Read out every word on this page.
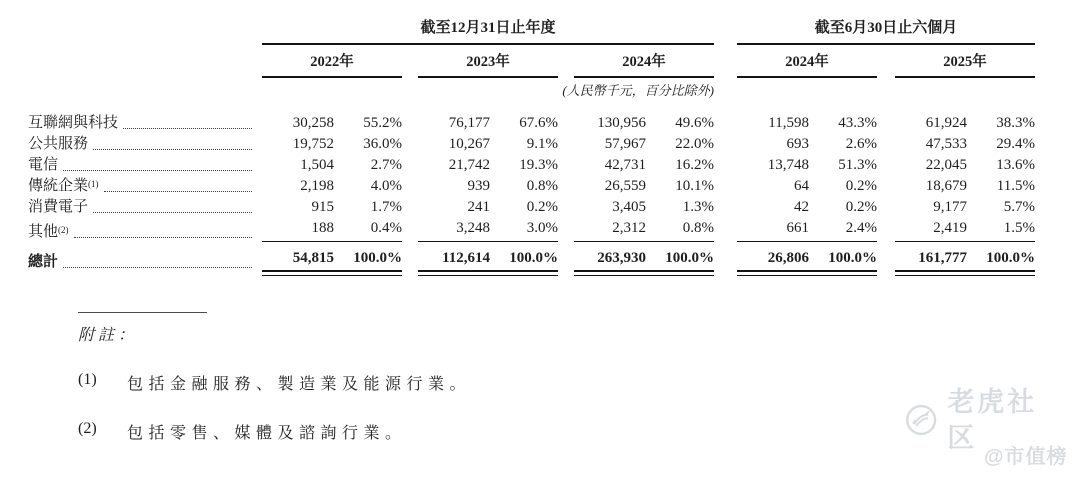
截至12月31日止年度	截至6月30日止六個月
2022年	2023年	2024年	2024年	2025年
(人民幣千元，百分比除外)
互聯網與科技	30,258	55.2%	76,177	67.6%	130,956	49.6%	11,598	43.3%	61,924	38.3%
公共服務	19,752	36.0%	10,267	9.1%	57,967	22.0%	693	2.6%	47,533	29.4%
電信	1,504	2.7%	21,742	19.3%	42,731	16.2%	13,748	51.3%	22,045	13.6%
傳統企業 (1)	2,198	4.0%	939	0.8%	26,559	10.1%	64	0.2%	18,679	11.5%
消費電子	915	1.7%	241	0.2%	3,405	1.3%	42	0.2%	9,177	5.7%
其他 (2)	188	0.4%	3,248	3.0%	2,312	0.8%	661	2.4%	2,419	1.5%
總計	54,815	100.0%	112,614	100.0%	263,930	100.0%	26,806	100.0%	161,777	100.0%
附註：
(1)	包括金融服務、製造業及能源行業。
(2)	包括零售、媒體及諮詢行業。
老虎社区
@市值榜
